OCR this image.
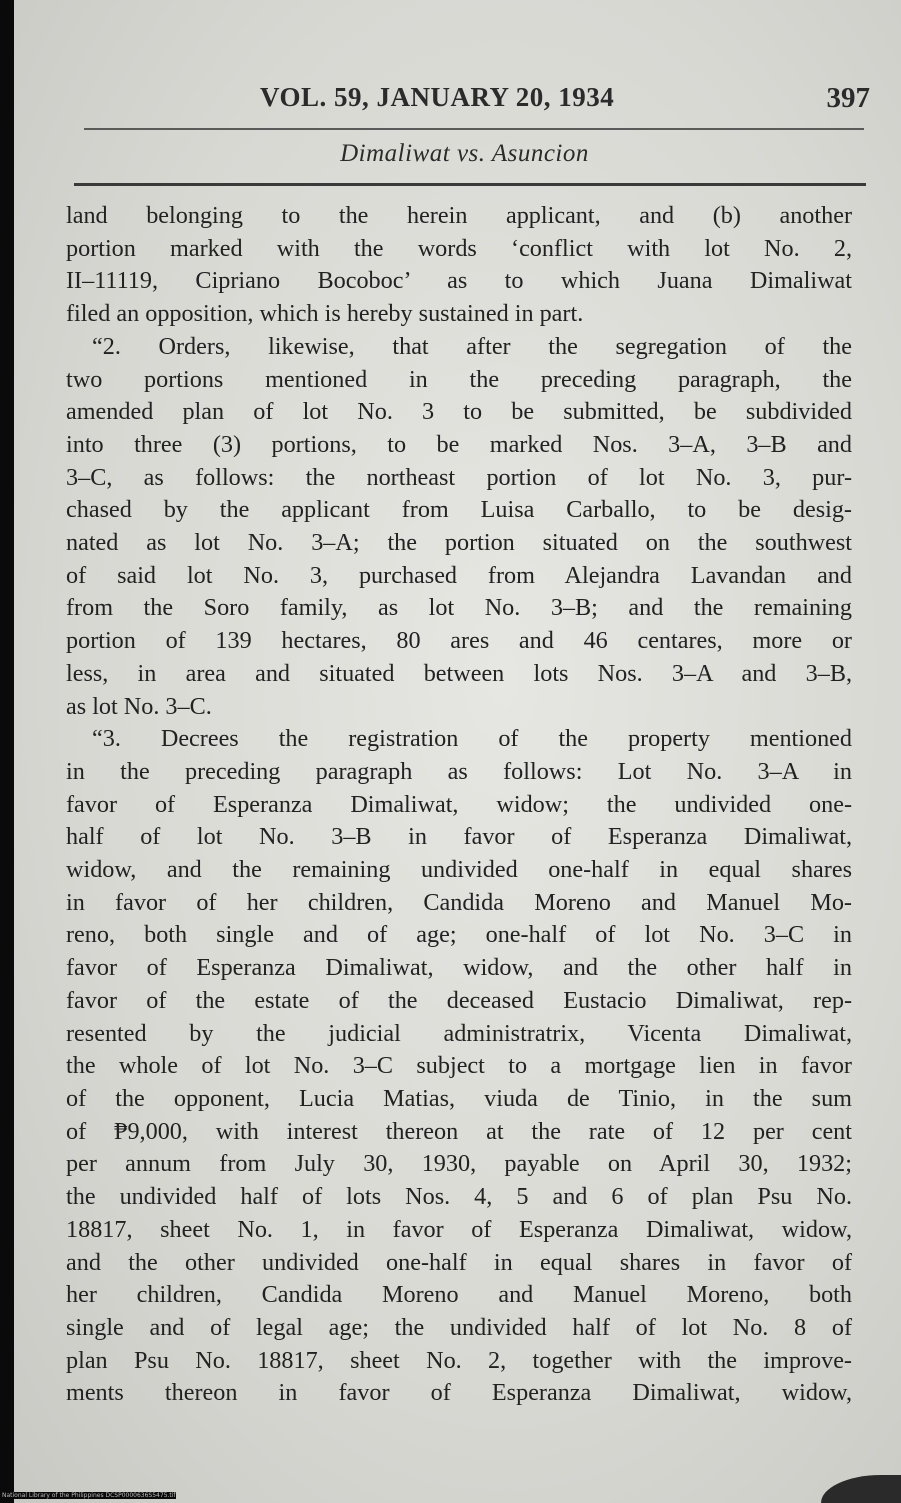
VOL. 59, JANUARY 20, 1934	397
Dimaliwat vs. Asuncion
land belonging to the herein applicant, and (b) another
portion marked with the words ‘conflict with lot No. 2,
II–11119, Cipriano Bocoboc’ as to which Juana Dimaliwat
filed an opposition, which is hereby sustained in part.
“2. Orders, likewise, that after the segregation of the
two portions mentioned in the preceding paragraph, the
amended plan of lot No. 3 to be submitted, be subdivided
into three (3) portions, to be marked Nos. 3–A, 3–B and
3–C, as follows: the northeast portion of lot No. 3, pur-
chased by the applicant from Luisa Carballo, to be desig-
nated as lot No. 3–A; the portion situated on the southwest
of said lot No. 3, purchased from Alejandra Lavandan and
from the Soro family, as lot No. 3–B; and the remaining
portion of 139 hectares, 80 ares and 46 centares, more or
less, in area and situated between lots Nos. 3–A and 3–B,
as lot No. 3–C.
“3. Decrees the registration of the property mentioned
in the preceding paragraph as follows: Lot No. 3–A in
favor of Esperanza Dimaliwat, widow; the undivided one-
half of lot No. 3–B in favor of Esperanza Dimaliwat,
widow, and the remaining undivided one-half in equal shares
in favor of her children, Candida Moreno and Manuel Mo-
reno, both single and of age; one-half of lot No. 3–C in
favor of Esperanza Dimaliwat, widow, and the other half in
favor of the estate of the deceased Eustacio Dimaliwat, rep-
resented by the judicial administratrix, Vicenta Dimaliwat,
the whole of lot No. 3–C subject to a mortgage lien in favor
of the opponent, Lucia Matias, viuda de Tinio, in the sum
of ₱9,000, with interest thereon at the rate of 12 per cent
per annum from July 30, 1930, payable on April 30, 1932;
the undivided half of lots Nos. 4, 5 and 6 of plan Psu No.
18817, sheet No. 1, in favor of Esperanza Dimaliwat, widow,
and the other undivided one-half in equal shares in favor of
her children, Candida Moreno and Manuel Moreno, both
single and of legal age; the undivided half of lot No. 8 of
plan Psu No. 18817, sheet No. 2, together with the improve-
ments thereon in favor of Esperanza Dimaliwat, widow,
National Library of the Philippines DCSP0000636S5475.tif
